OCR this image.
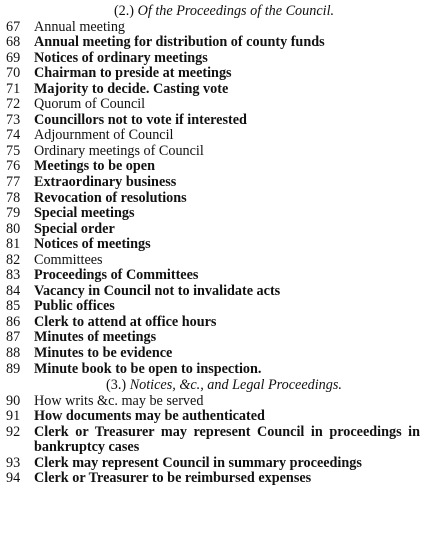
(2.) Of the Proceedings of the Council.
67 Annual meeting
68 Annual meeting for distribution of county funds
69 Notices of ordinary meetings
70 Chairman to preside at meetings
71 Majority to decide. Casting vote
72 Quorum of Council
73 Councillors not to vote if interested
74 Adjournment of Council
75 Ordinary meetings of Council
76 Meetings to be open
77 Extraordinary business
78 Revocation of resolutions
79 Special meetings
80 Special order
81 Notices of meetings
82 Committees
83 Proceedings of Committees
84 Vacancy in Council not to invalidate acts
85 Public offices
86 Clerk to attend at office hours
87 Minutes of meetings
88 Minutes to be evidence
89 Minute book to be open to inspection.
(3.) Notices, &c., and Legal Proceedings.
90 How writs &c. may be served
91 How documents may be authenticated
92 Clerk or Treasurer may represent Council in proceedings in bankruptcy cases
93 Clerk may represent Council in summary proceedings
94 Clerk or Treasurer to be reimbursed expenses
